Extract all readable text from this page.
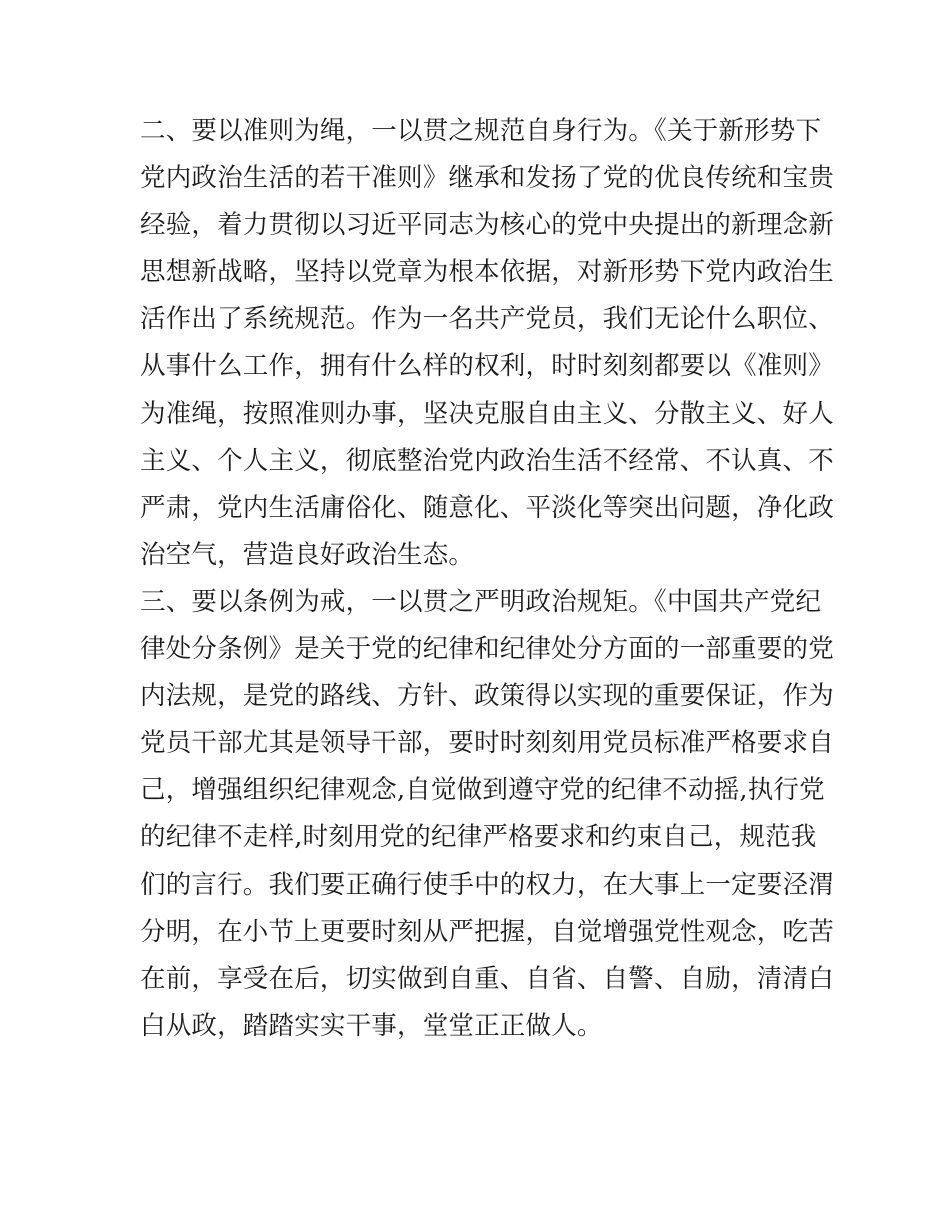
二、要以准则为绳，一以贯之规范自身行为。《关于新形势下
党内政治生活的若干准则》继承和发扬了党的优良传统和宝贵
经验，着力贯彻以习近平同志为核心的党中央提出的新理念新
思想新战略，坚持以党章为根本依据，对新形势下党内政治生
活作出了系统规范。作为一名共产党员，我们无论什么职位、
从事什么工作，拥有什么样的权利，时时刻刻都要以《准则》
为准绳，按照准则办事，坚决克服自由主义、分散主义、好人
主义、个人主义，彻底整治党内政治生活不经常、不认真、不
严肃，党内生活庸俗化、随意化、平淡化等突出问题，净化政
治空气，营造良好政治生态。
三、要以条例为戒，一以贯之严明政治规矩。《中国共产党纪
律处分条例》是关于党的纪律和纪律处分方面的一部重要的党
内法规，是党的路线、方针、政策得以实现的重要保证，作为
党员干部尤其是领导干部，要时时刻刻用党员标准严格要求自
己，增强组织纪律观念,自觉做到遵守党的纪律不动摇,执行党
的纪律不走样,时刻用党的纪律严格要求和约束自己，规范我
们的言行。我们要正确行使手中的权力，在大事上一定要泾渭
分明，在小节上更要时刻从严把握，自觉增强党性观念，吃苦
在前，享受在后，切实做到自重、自省、自警、自励，清清白
白从政，踏踏实实干事，堂堂正正做人。
